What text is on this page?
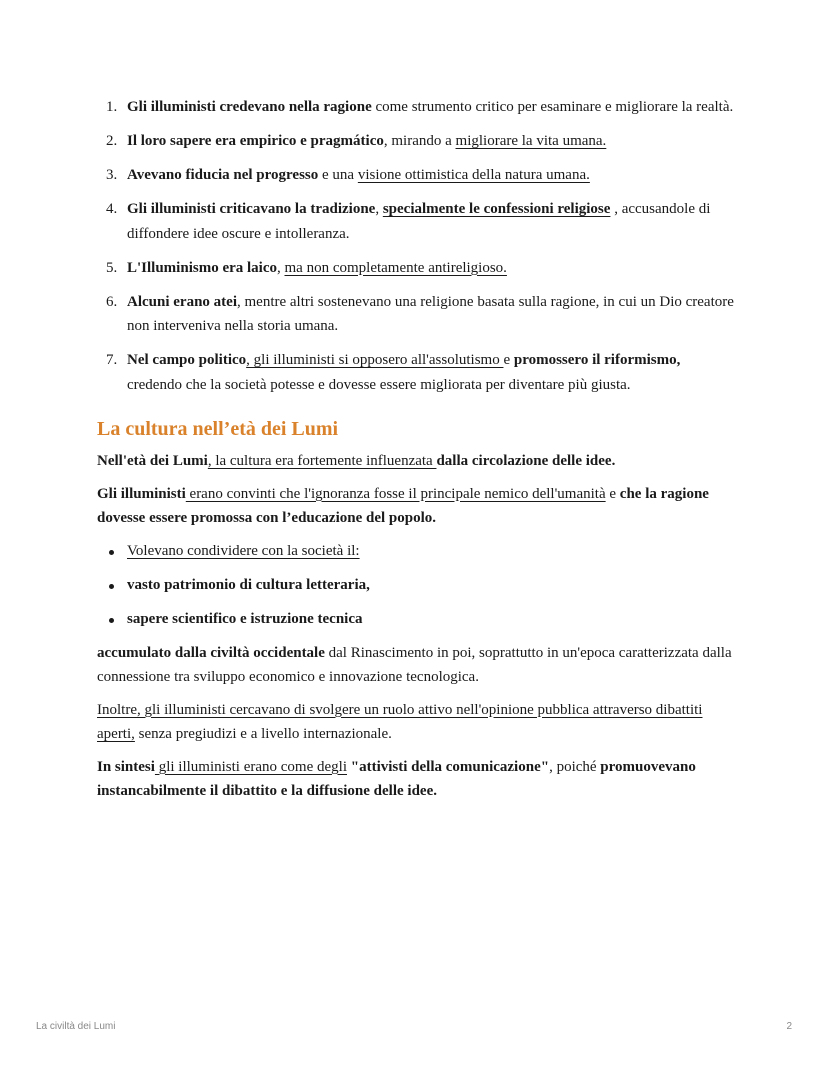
1. Gli illuministi credevano nella ragione come strumento critico per esaminare e migliorare la realtà.
2. Il loro sapere era empirico e pragmático, mirando a migliorare la vita umana.
3. Avevano fiducia nel progresso e una visione ottimistica della natura umana.
4. Gli illuministi criticavano la tradizione, specialmente le confessioni religiose , accusandole di diffondere idee oscure e intolleranza.
5. L'Illuminismo era laico, ma non completamente antireligioso.
6. Alcuni erano atei, mentre altri sostenevano una religione basata sulla ragione, in cui un Dio creatore non interveniva nella storia umana.
7. Nel campo politico, gli illuministi si opposero all'assolutismo e promossero il riformismo, credendo che la società potesse e dovesse essere migliorata per diventare più giusta.
La cultura nell’età dei Lumi

Nell'età dei Lumi, la cultura era fortemente influenzata dalla circolazione delle idee.

Gli illuministi erano convinti che l'ignoranza fosse il principale nemico dell'umanità e che la ragione dovesse essere promossa con l’educazione del popolo.

Volevano condividere con la società il:
vasto patrimonio di cultura letteraria,
sapere scientifico e istruzione tecnica

accumulato dalla civiltà occidentale dal Rinascimento in poi, soprattutto in un'epoca caratterizzata dalla connessione tra sviluppo economico e innovazione tecnologica.

Inoltre, gli illuministi cercavano di svolgere un ruolo attivo nell'opinione pubblica attraverso dibattiti aperti, senza pregiudizi e a livello internazionale.

In sintesi gli illuministi erano come degli "attivisti della comunicazione", poiché promuovevano instancabilmente il dibattito e la diffusione delle idee.

La civiltà dei Lumi	2
